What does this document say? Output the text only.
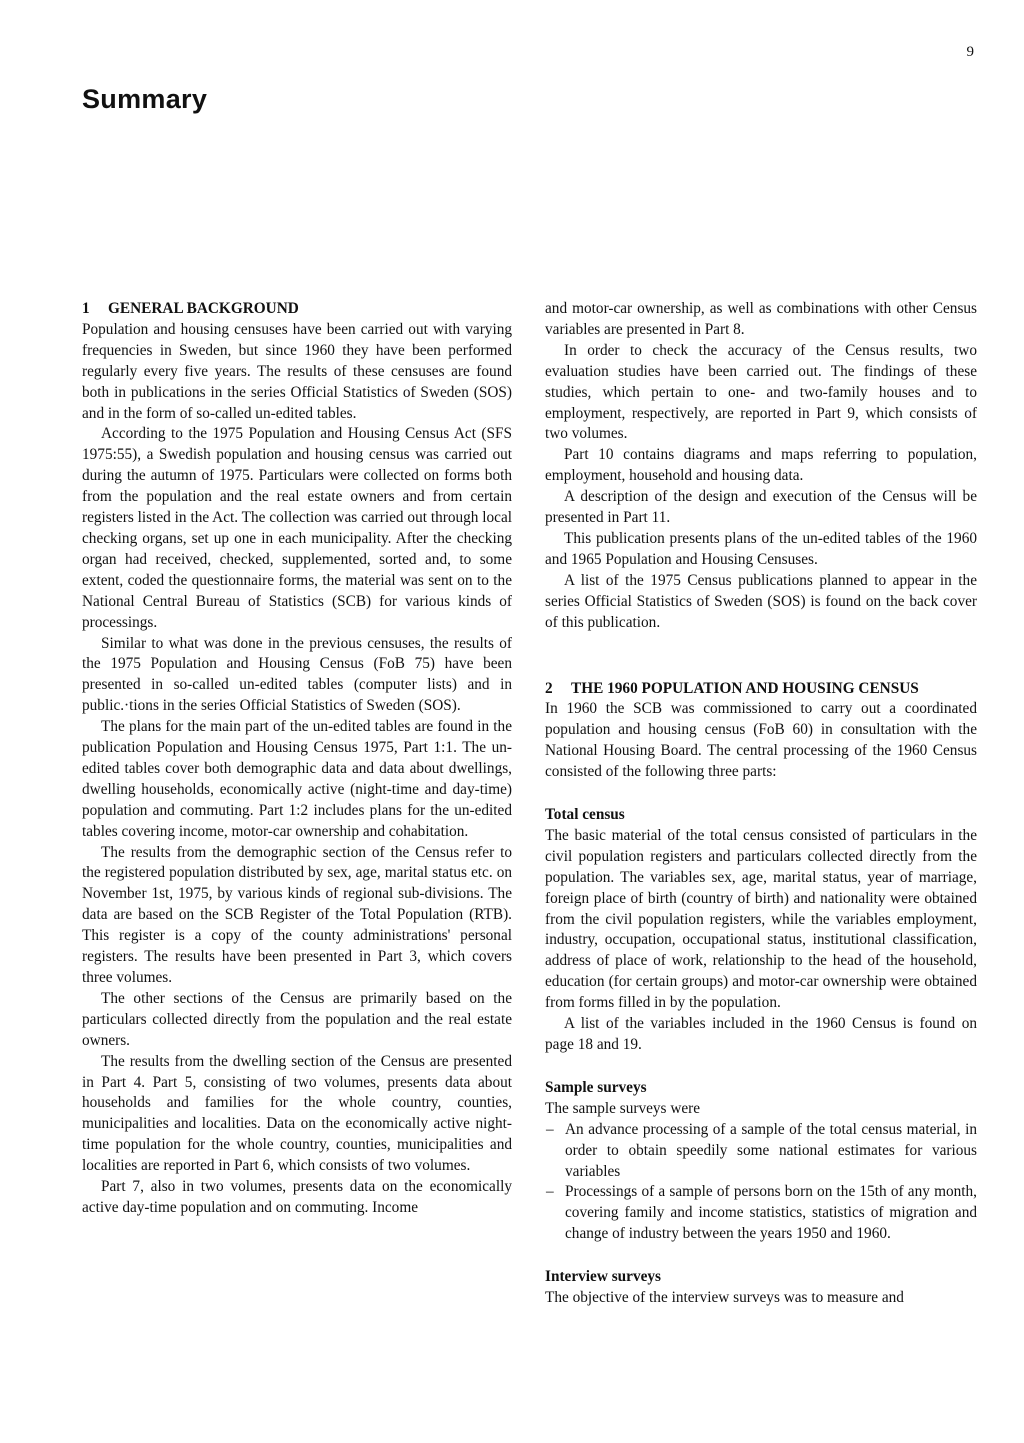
9
Summary
1 GENERAL BACKGROUND

Population and housing censuses have been carried out with varying frequencies in Sweden, but since 1960 they have been performed regularly every five years. The results of these censuses are found both in publications in the series Official Statistics of Sweden (SOS) and in the form of so-called un-edited tables.

According to the 1975 Population and Housing Census Act (SFS 1975:55), a Swedish population and housing census was carried out during the autumn of 1975. Particulars were collected on forms both from the population and the real estate owners and from certain registers listed in the Act. The collection was carried out through local checking organs, set up one in each municipality. After the checking organ had received, checked, supplemented, sorted and, to some extent, coded the questionnaire forms, the material was sent on to the National Central Bureau of Statistics (SCB) for various kinds of processings.

Similar to what was done in the previous censuses, the results of the 1975 Population and Housing Census (FoB 75) have been presented in so-called un-edited tables (computer lists) and in public.·tions in the series Official Statistics of Sweden (SOS).

The plans for the main part of the un-edited tables are found in the publication Population and Housing Census 1975, Part 1:1. The un-edited tables cover both demographic data and data about dwellings, dwelling households, economically active (night-time and day-time) population and commuting. Part 1:2 includes plans for the un-edited tables covering income, motor-car ownership and cohabitation.

The results from the demographic section of the Census refer to the registered population distributed by sex, age, marital status etc. on November 1st, 1975, by various kinds of regional sub-divisions. The data are based on the SCB Register of the Total Population (RTB). This register is a copy of the county administrations' personal registers. The results have been presented in Part 3, which covers three volumes.

The other sections of the Census are primarily based on the particulars collected directly from the population and the real estate owners.

The results from the dwelling section of the Census are presented in Part 4. Part 5, consisting of two volumes, presents data about households and families for the whole country, counties, municipalities and localities. Data on the economically active night-time population for the whole country, counties, municipalities and localities are reported in Part 6, which consists of two volumes.

Part 7, also in two volumes, presents data on the economically active day-time population and on commuting. Income

and motor-car ownership, as well as combinations with other Census variables are presented in Part 8.

In order to check the accuracy of the Census results, two evaluation studies have been carried out. The findings of these studies, which pertain to one- and two-family houses and to employment, respectively, are reported in Part 9, which consists of two volumes.

Part 10 contains diagrams and maps referring to population, employment, household and housing data.

A description of the design and execution of the Census will be presented in Part 11.

This publication presents plans of the un-edited tables of the 1960 and 1965 Population and Housing Censuses.

A list of the 1975 Census publications planned to appear in the series Official Statistics of Sweden (SOS) is found on the back cover of this publication.

2 THE 1960 POPULATION AND HOUSING CENSUS

In 1960 the SCB was commissioned to carry out a coordinated population and housing census (FoB 60) in consultation with the National Housing Board. The central processing of the 1960 Census consisted of the following three parts:

Total census

The basic material of the total census consisted of particulars in the civil population registers and particulars collected directly from the population. The variables sex, age, marital status, year of marriage, foreign place of birth (country of birth) and nationality were obtained from the civil population registers, while the variables employment, industry, occupation, occupational status, institutional classification, address of place of work, relationship to the head of the household, education (for certain groups) and motor-car ownership were obtained from forms filled in by the population.

A list of the variables included in the 1960 Census is found on page 18 and 19.

Sample surveys

The sample surveys were

– An advance processing of a sample of the total census material, in order to obtain speedily some national estimates for various variables
– Processings of a sample of persons born on the 15th of any month, covering family and income statistics, statistics of migration and change of industry between the years 1950 and 1960.
Interview surveys

The objective of the interview surveys was to measure and
